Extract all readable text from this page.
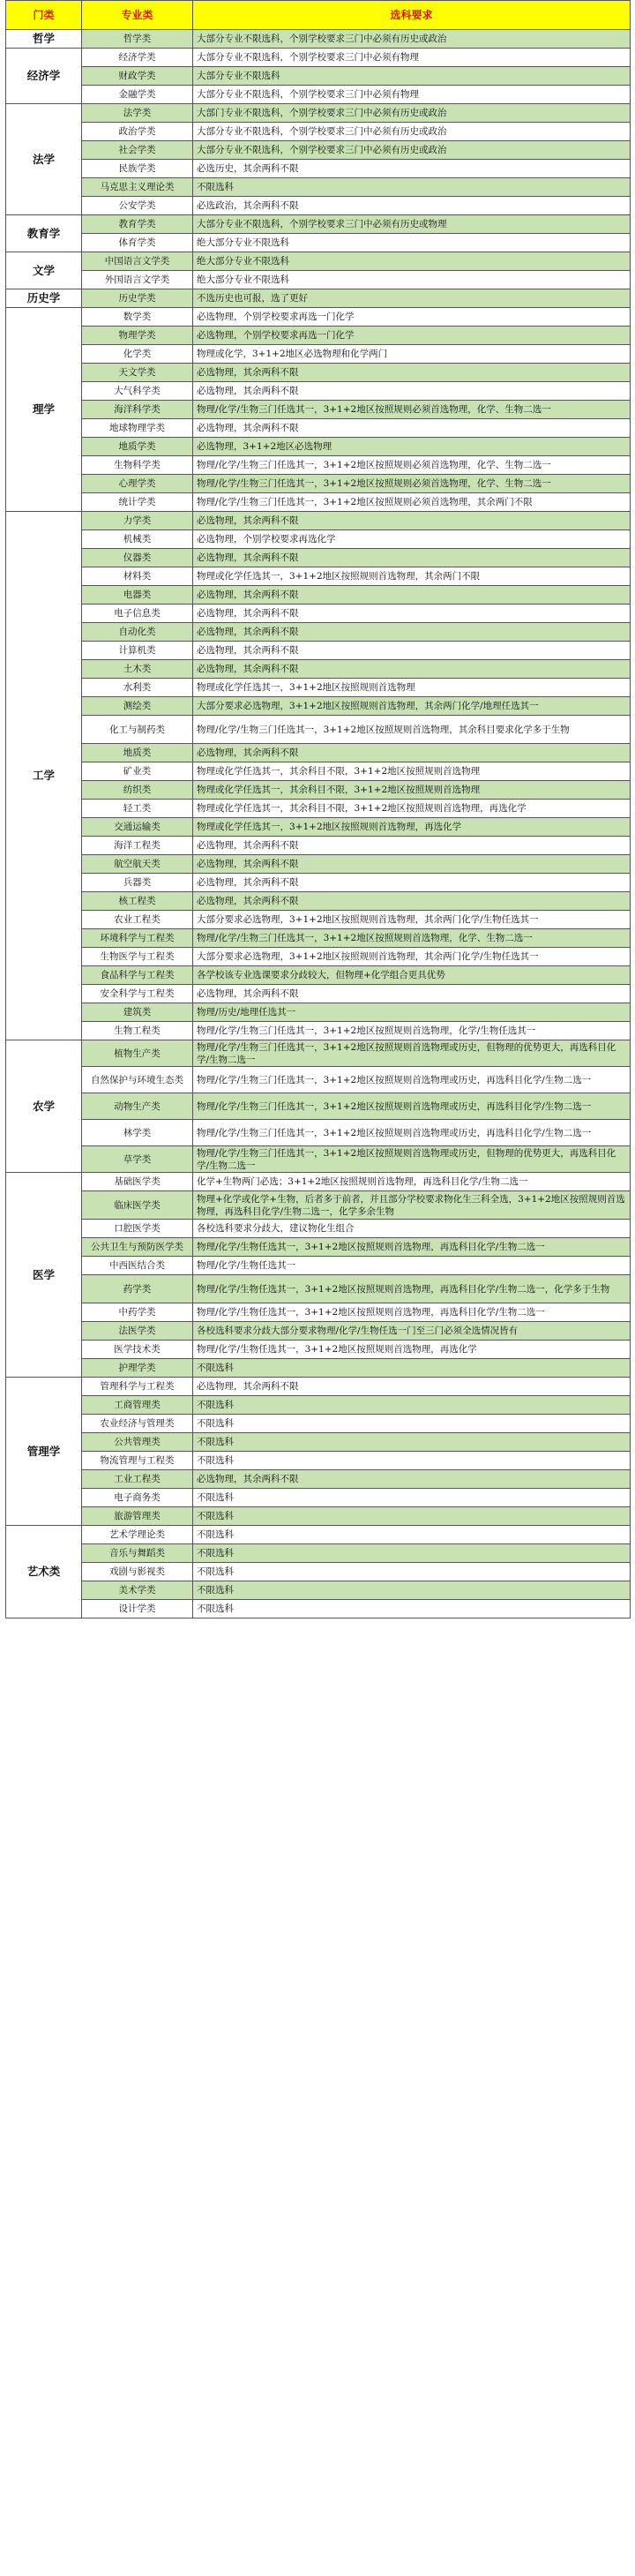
门类	专业类	选科要求
哲学	哲学类	大部分专业不限选科，个别学校要求三门中必须有历史或政治
经济学	经济学类	大部分专业不限选科，个别学校要求三门中必须有物理
	财政学类	大部分专业不限选科
	金融学类	大部分专业不限选科，个别学校要求三门中必须有物理
法学	法学类	大部门专业不限选科，个别学校要求三门中必须有历史或政治
	政治学类	大部分专业不限选科，个别学校要求三门中必须有历史或政治
	社会学类	大部分专业不限选科，个别学校要求三门中必须有历史或政治
	民族学类	必选历史，其余两科不限
	马克思主义理论类	不限选科
	公安学类	必选政治，其余两科不限
教育学	教育学类	大部分专业不限选科，个别学校要求三门中必须有历史或物理
	体育学类	绝大部分专业不限选科
文学	中国语言文学类	绝大部分专业不限选科
	外国语言文学类	绝大部分专业不限选科
历史学	历史学类	不选历史也可报，选了更好
理学	数学类	必选物理，个别学校要求再选一门化学
	物理学类	必选物理，个别学校要求再选一门化学
	化学类	物理或化学，3+1+2地区必选物理和化学两门
	天文学类	必选物理，其余两科不限
	大气科学类	必选物理，其余两科不限
	海洋科学类	物理/化学/生物三门任选其一，3+1+2地区按照规则必须首选物理，化学、生物二选一
	地球物理学类	必选物理，其余两科不限
	地质学类	必选物理，3+1+2地区必选物理
	生物科学类	物理/化学/生物三门任选其一，3+1+2地区按照规则必须首选物理，化学、生物二选一
	心理学类	物理/化学/生物三门任选其一，3+1+2地区按照规则必须首选物理，化学、生物二选一
	统计学类	物理/化学/生物三门任选其一，3+1+2地区按照规则必须首选物理，其余两门不限
工学	力学类	必选物理，其余两科不限
	机械类	必选物理，个别学校要求再选化学
	仪器类	必选物理，其余两科不限
	材料类	物理或化学任选其一，3+1+2地区按照规则首选物理，其余两门不限
	电器类	必选物理，其余两科不限
	电子信息类	必选物理，其余两科不限
	自动化类	必选物理，其余两科不限
	计算机类	必选物理，其余两科不限
	土木类	必选物理，其余两科不限
	水利类	物理或化学任选其一，3+1+2地区按照规则首选物理
	测绘类	大部分要求必选物理，3+1+2地区按照规则首选物理，其余两门化学/地理任选其一
	化工与制药类	物理/化学/生物三门任选其一，3+1+2地区按照规则首选物理，其余科目要求化学多于生物
	地质类	必选物理，其余两科不限
	矿业类	物理或化学任选其一，其余科目不限，3+1+2地区按照规则首选物理
	纺织类	物理或化学任选其一，其余科目不限，3+1+2地区按照规则首选物理
	轻工类	物理或化学任选其一，其余科目不限，3+1+2地区按照规则首选物理，再选化学
	交通运输类	物理或化学任选其一，3+1+2地区按照规则首选物理，再选化学
	海洋工程类	必选物理，其余两科不限
	航空航天类	必选物理，其余两科不限
	兵器类	必选物理，其余两科不限
	核工程类	必选物理，其余两科不限
	农业工程类	大部分要求必选物理，3+1+2地区按照规则首选物理，其余两门化学/生物任选其一
	环境科学与工程类	物理/化学/生物三门任选其一，3+1+2地区按照规则首选物理，化学、生物二选一
	生物医学与工程类	大部分要求必选物理，3+1+2地区按照规则首选物理，其余两门化学/生物任选其一
	食品科学与工程类	各学校该专业选课要求分歧较大，但物理+化学组合更具优势
	安全科学与工程类	必选物理，其余两科不限
	建筑类	物理/历史/地理任选其一
	生物工程类	物理/化学/生物三门任选其一，3+1+2地区按照规则首选物理，化学/生物任选其一
农学	植物生产类	物理/化学/生物三门任选其一，3+1+2地区按照规则首选物理或历史，但物理的优势更大，再选科目化学/生物二选一
	自然保护与环境生态类	物理/化学/生物三门任选其一，3+1+2地区按照规则首选物理或历史，再选科目化学/生物二选一
	动物生产类	物理/化学/生物三门任选其一，3+1+2地区按照规则首选物理或历史，再选科目化学/生物二选一
	林学类	物理/化学/生物三门任选其一，3+1+2地区按照规则首选物理或历史，再选科目化学/生物二选一
	草学类	物理/化学/生物三门任选其一，3+1+2地区按照规则首选物理或历史，但物理的优势更大，再选科目化学/生物二选一
医学	基础医学类	化学+生物两门必选；3+1+2地区按照规则首选物理，再选科目化学/生物二选一
	临床医学类	物理+化学或化学+生物，后者多于前者，并且部分学校要求物化生三科全选，3+1+2地区按照规则首选物理，再选科目化学/生物二选一，化学多余生物
	口腔医学类	各校选科要求分歧大，建议物化生组合
	公共卫生与预防医学类	物理/化学/生物任选其一，3+1+2地区按照规则首选物理，再选科目化学/生物二选一
	中西医结合类	物理/化学/生物任选其一
	药学类	物理/化学/生物任选其一，3+1+2地区按照规则首选物理，再选科目化学/生物二选一，化学多于生物
	中药学类	物理/化学/生物任选其一，3+1+2地区按照规则首选物理，再选科目化学/生物二选一
	法医学类	各校选科要求分歧大部分要求物理/化学/生物任选一门至三门必须全选情况皆有
	医学技术类	物理/化学/生物任选其一，3+1+2地区按照规则首选物理，再选化学
	护理学类	不限选科
管理学	管理科学与工程类	必选物理，其余两科不限
	工商管理类	不限选科
	农业经济与管理类	不限选科
	公共管理类	不限选科
	物流管理与工程类	不限选科
	工业工程类	必选物理，其余两科不限
	电子商务类	不限选科
	旅游管理类	不限选科
艺术类	艺术学理论类	不限选科
	音乐与舞蹈类	不限选科
	戏剧与影视类	不限选科
	美术学类	不限选科
	设计学类	不限选科
